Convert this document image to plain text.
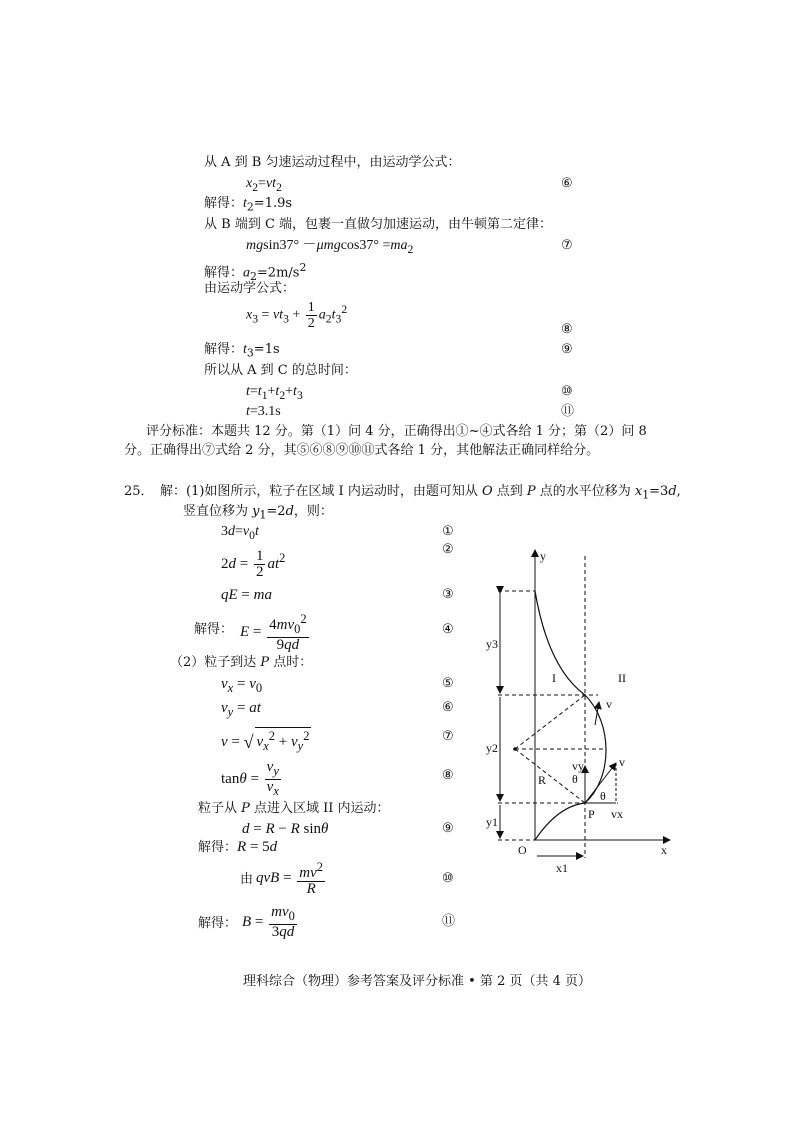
从 A 到 B 匀速运动过程中，由运动学公式：
$x_2=vt_2$	⑥
解得：$t_2=1.9s$
从 B 端到 C 端，包裹一直做匀加速运动，由牛顿第二定律：
$mgsin37^\circ -\mu mgcos37^\circ =ma_2$	⑦
解得：$a_2=2m/s^2$
由运动学公式：
$x_3 = vt_3 + \frac{1}{2} a_2t_3^2$
⑧
解得：$t_3=1s$	⑨
所以从 A 到 C 的总时间：
$t=t_1+t_2+t_3$	⑩
t=3.1s	⑪
评分标准：本题共 12 分。第（1）问 4 分，正确得出①~④式各给 1 分；第（2）问 8
分。正确得出⑦式给 2 分，其⑤⑥⑧⑨⑩⑪式各给 1 分，其他解法正确同样给分。
25． 解：(1)如图所示，粒子在区域 I 内运动时，由题可知从 O 点到 P 点的水平位移为 $x_1=3d$,
竖直位移为 $y_1=2d$，则：
$3d=v_0t$	①
②
$2d = \frac{1}{2} at^2$
qE = ma	③
解得： $E = \frac{4mv_0^2}{9qd}$	④
（2）粒子到达 P 点时：
$v_x = v_0$	⑤
$v_y$ = at	⑥
v = √ $v_x^2 + v_y^2$	⑦
$\tan\theta = \frac{v_y}{v_x}$	⑧
粒子从 P 点进入区域 II 内运动：
d = R − R sinθ	⑨
解得：R = 5d
由 qvB = $\frac{mv^2}{R}$	⑩
解得： $B = \frac{mv_0}{3qd}$	⑪
y
x
O
y3
y2
y1
x1
R θ
v
vy
vx
θ
P
v
I	II
理科综合（物理）参考答案及评分标准 • 第 2 页（共 4 页）
